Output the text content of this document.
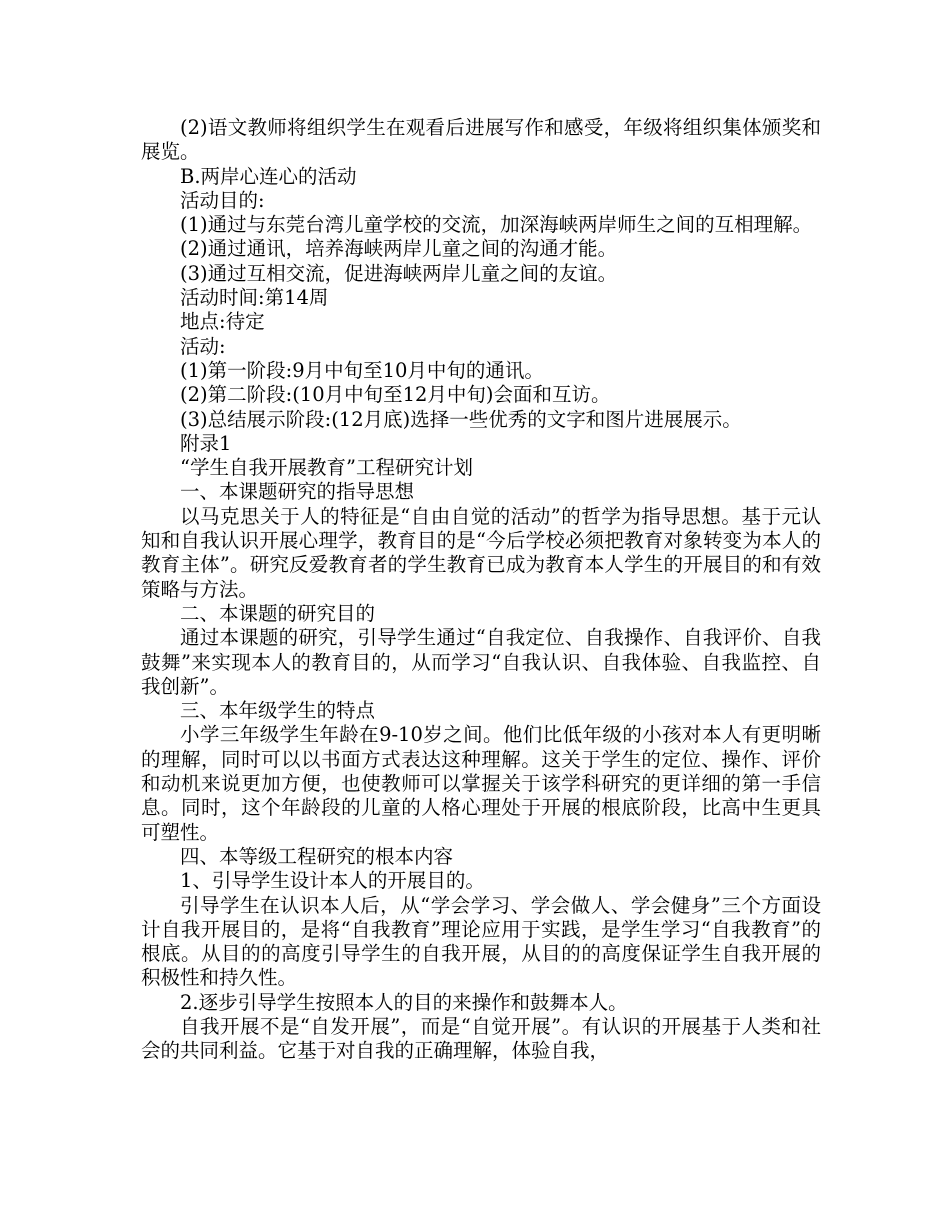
(2)语文教师将组织学生在观看后进展写作和感受，年级将组织集体颁奖和展览。

B.两岸心连心的活动

活动目的:

(1)通过与东莞台湾儿童学校的交流，加深海峡两岸师生之间的互相理解。

(2)通过通讯，培养海峡两岸儿童之间的沟通才能。

(3)通过互相交流，促进海峡两岸儿童之间的友谊。

活动时间:第14周

地点:待定

活动:

(1)第一阶段:9月中旬至10月中旬的通讯。

(2)第二阶段:(10月中旬至12月中旬)会面和互访。

(3)总结展示阶段:(12月底)选择一些优秀的文字和图片进展展示。

附录1

“学生自我开展教育”工程研究计划

一、本课题研究的指导思想

以马克思关于人的特征是“自由自觉的活动”的哲学为指导思想。基于元认知和自我认识开展心理学，教育目的是“今后学校必须把教育对象转变为本人的教育主体”。研究反爱教育者的学生教育已成为教育本人学生的开展目的和有效策略与方法。

二、本课题的研究目的

通过本课题的研究，引导学生通过“自我定位、自我操作、自我评价、自我鼓舞”来实现本人的教育目的，从而学习“自我认识、自我体验、自我监控、自我创新”。

三、本年级学生的特点

小学三年级学生年龄在9-10岁之间。他们比低年级的小孩对本人有更明晰的理解，同时可以以书面方式表达这种理解。这关于学生的定位、操作、评价和动机来说更加方便，也使教师可以掌握关于该学科研究的更详细的第一手信息。同时，这个年龄段的儿童的人格心理处于开展的根底阶段，比高中生更具可塑性。

四、本等级工程研究的根本内容

1、引导学生设计本人的开展目的。

引导学生在认识本人后，从“学会学习、学会做人、学会健身”三个方面设计自我开展目的，是将“自我教育”理论应用于实践，是学生学习“自我教育”的根底。从目的的高度引导学生的自我开展，从目的的高度保证学生自我开展的积极性和持久性。

2.逐步引导学生按照本人的目的来操作和鼓舞本人。

自我开展不是“自发开展”，而是“自觉开展”。有认识的开展基于人类和社会的共同利益。它基于对自我的正确理解，体验自我，
